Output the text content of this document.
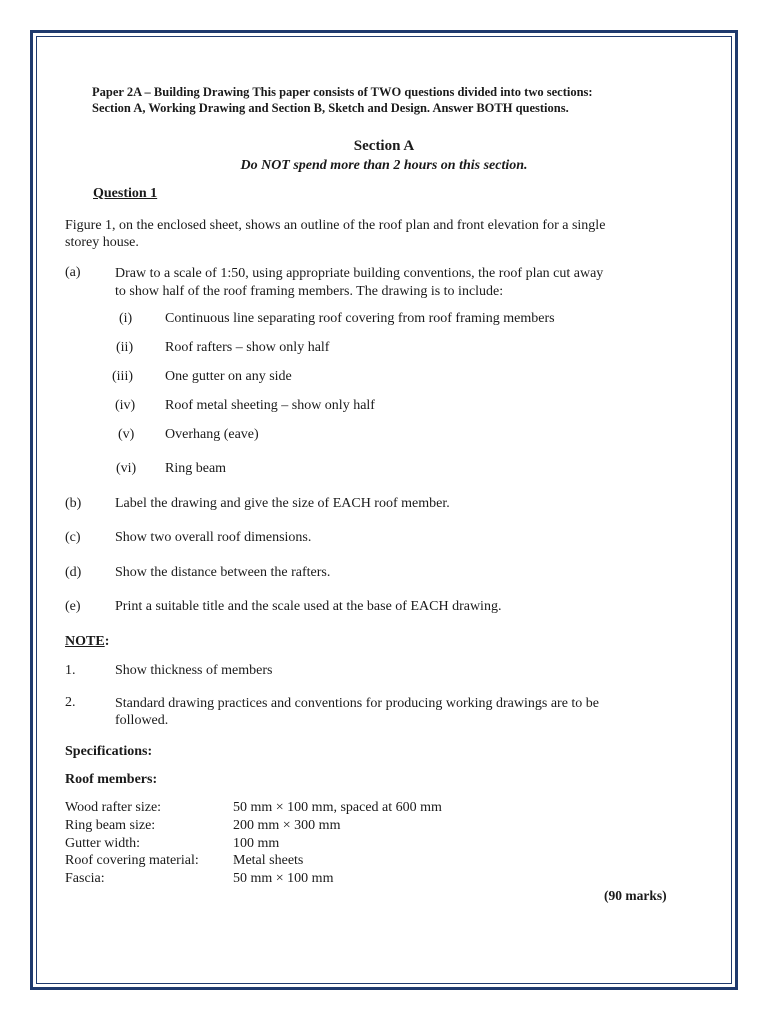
Paper 2A – Building Drawing This paper consists of TWO questions divided into two sections:
Section A, Working Drawing and Section B, Sketch and Design. Answer BOTH questions.
Section A
Do NOT spend more than 2 hours on this section.
Question 1
Figure 1, on the enclosed sheet, shows an outline of the roof plan and front elevation for a single
storey house.
(a) Draw to a scale of 1:50, using appropriate building conventions, the roof plan cut away
to show half of the roof framing members. The drawing is to include:
(i) Continuous line separating roof covering from roof framing members
(ii) Roof rafters – show only half
(iii) One gutter on any side
(iv) Roof metal sheeting – show only half
(v) Overhang (eave)
(vi) Ring beam
(b) Label the drawing and give the size of EACH roof member.
(c) Show two overall roof dimensions.
(d) Show the distance between the rafters.
(e) Print a suitable title and the scale used at the base of EACH drawing.
NOTE:
1.	Show thickness of members
2.	Standard drawing practices and conventions for producing working drawings are to be
followed.
Specifications:
Roof members:
Wood rafter size:	50 mm × 100 mm, spaced at 600 mm
Ring beam size:	200 mm × 300 mm
Gutter width:	100 mm
Roof covering material: Metal sheets
Fascia:	50 mm × 100 mm
(90 marks)
